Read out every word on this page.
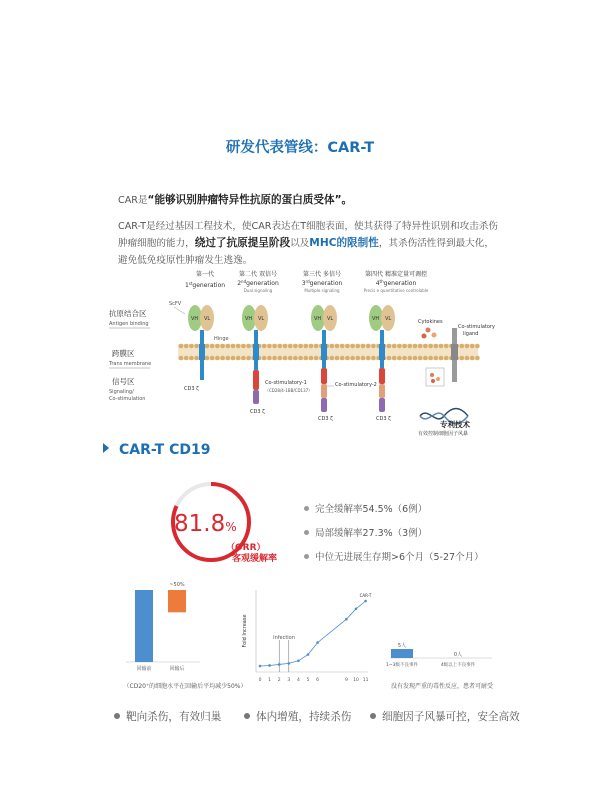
研发代表管线：CAR-T
CAR是“能够识别肿瘤特异性抗原的蛋白质受体”。
CAR-T是经过基因工程技术，使CAR表达在T细胞表面，使其获得了特异性识别和攻击杀伤肿瘤细胞的能力，绕过了抗原提呈阶段以及MHC的限制性，其杀伤活性得到最大化，避免低免疫原性肿瘤发生逃逸。
第一代
1stgeneration
第二代 双信号
2ndgeneration
Dual signaling
第三代 多信号
3rdgeneration
Multiple signaling
第四代 精准定量可调控
4thgeneration
Precis e quantitative controlable
抗原结合区
Antigen binding
跨膜区
Trans membrane
信号区
Signaling/
Co-stimulation
ScFV
Hinge
VH VL
CD3 ζ
VH VL
CD3 ζ
Co-stimulatory-1
（CD28/4-1BB/CD137）
VH VL
CD3 ζ
Co-stimulatory-2
VH VL
CD3 ζ
Cytokines
Co-stimulatory
ligand
专利技术
有效控制细胞因子风暴
CAR-T CD19
81.8%
（ORR）
客观缓解率
完全缓解率54.5%（6例）
局部缓解率27.3%（3例）
中位无进展生存期>6个月（5-27个月）
~50%
回输前	回输后
（CD20⁺的细胞水平在回输后平均减少50%）
Fold Increase	Infection
CAR-T
0 1 2 3 4 5 6	9 10 11
5人
0人
1~3级不良事件	4级以上不良事件
没有发现严重的毒性反应，患者可耐受
靶向杀伤，有效归巢	体内增殖，持续杀伤	细胞因子风暴可控，安全高效
